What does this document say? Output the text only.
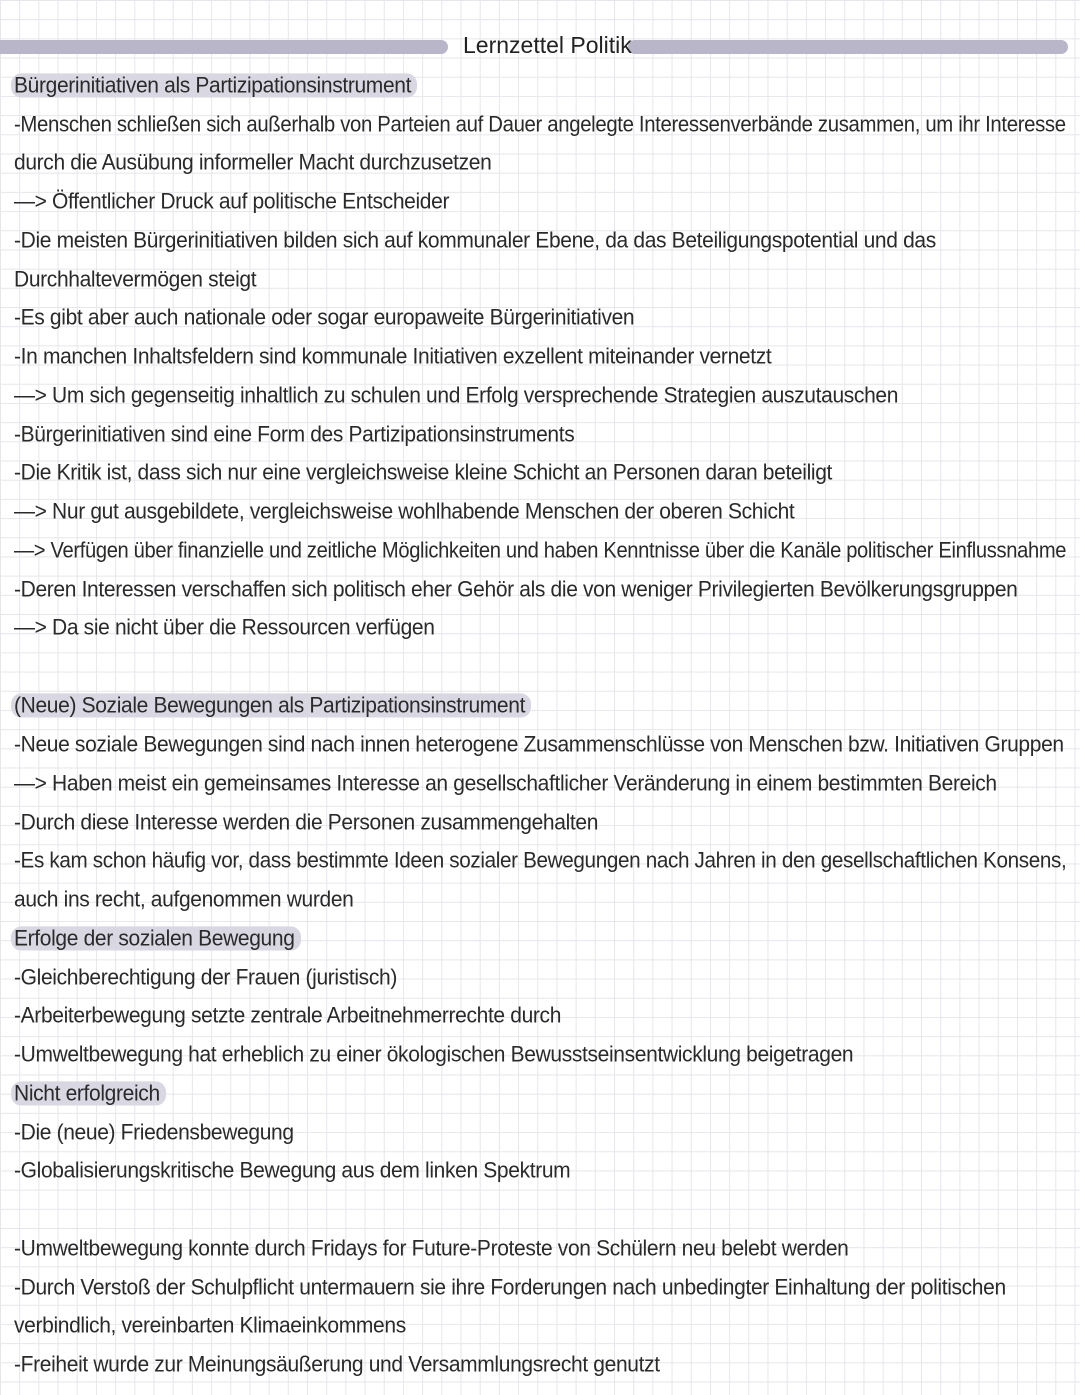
Lernzettel Politik
Bürgerinitiativen als Partizipationsinstrument
-Menschen schließen sich außerhalb von Parteien auf Dauer angelegte Interessenverbände zusammen, um ihr Interesse
durch die Ausübung informeller Macht durchzusetzen
—> Öffentlicher Druck auf politische Entscheider
-Die meisten Bürgerinitiativen bilden sich auf kommunaler Ebene, da das Beteiligungspotential und das
Durchhaltevermögen steigt
-Es gibt aber auch nationale oder sogar europaweite Bürgerinitiativen
-In manchen Inhaltsfeldern sind kommunale Initiativen exzellent miteinander vernetzt
—> Um sich gegenseitig inhaltlich zu schulen und Erfolg versprechende Strategien auszutauschen
-Bürgerinitiativen sind eine Form des Partizipationsinstruments
-Die Kritik ist, dass sich nur eine vergleichsweise kleine Schicht an Personen daran beteiligt
—> Nur gut ausgebildete, vergleichsweise wohlhabende Menschen der oberen Schicht
—> Verfügen über finanzielle und zeitliche Möglichkeiten und haben Kenntnisse über die Kanäle politischer Einflussnahme
-Deren Interessen verschaffen sich politisch eher Gehör als die von weniger Privilegierten Bevölkerungsgruppen
—> Da sie nicht über die Ressourcen verfügen
(Neue) Soziale Bewegungen als Partizipationsinstrument
-Neue soziale Bewegungen sind nach innen heterogene Zusammenschlüsse von Menschen bzw. Initiativen Gruppen
—> Haben meist ein gemeinsames Interesse an gesellschaftlicher Veränderung in einem bestimmten Bereich
-Durch diese Interesse werden die Personen zusammengehalten
-Es kam schon häufig vor, dass bestimmte Ideen sozialer Bewegungen nach Jahren in den gesellschaftlichen Konsens,
auch ins recht, aufgenommen wurden
Erfolge der sozialen Bewegung
-Gleichberechtigung der Frauen (juristisch)
-Arbeiterbewegung setzte zentrale Arbeitnehmerrechte durch
-Umweltbewegung hat erheblich zu einer ökologischen Bewusstseinsentwicklung beigetragen
Nicht erfolgreich
-Die (neue) Friedensbewegung
-Globalisierungskritische Bewegung aus dem linken Spektrum
-Umweltbewegung konnte durch Fridays for Future-Proteste von Schülern neu belebt werden
-Durch Verstoß der Schulpflicht untermauern sie ihre Forderungen nach unbedingter Einhaltung der politischen
verbindlich, vereinbarten Klimaeinkommens
-Freiheit wurde zur Meinungsäußerung und Versammlungsrecht genutzt
